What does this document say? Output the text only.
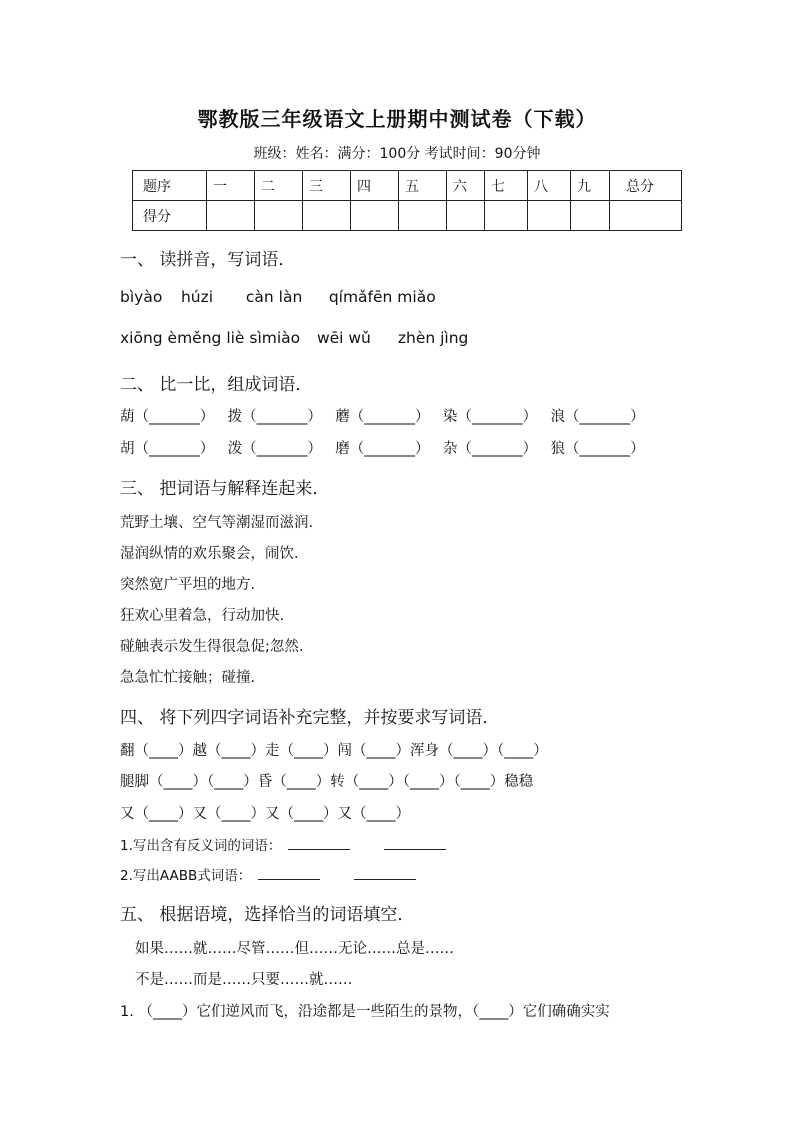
鄂教版三年级语文上册期中测试卷（下载）
班级：姓名：满分：100分 考试时间：90分钟
题序	一	二	三	四	五	六	七	八	九	总分
得分										
一、 读拼音，写词语．
bìyào húzi càn làn qímǎfēn miǎo
xiōng èměng liè sìmiào wēi wǔ zhèn jìng
二、 比一比，组成词语．
葫（_______） 拨（_______） 蘑（_______） 染（_______） 浪（_______）
胡（_______） 泼（_______） 磨（_______） 杂（_______） 狼（_______）
三、 把词语与解释连起来．
荒野土壤、空气等潮湿而滋润.
湿润纵情的欢乐聚会，闹饮.
突然宽广平坦的地方.
狂欢心里着急，行动加快.
碰触表示发生得很急促;忽然.
急急忙忙接触；碰撞.
四、 将下列四字词语补充完整，并按要求写词语．
翻（____）越（____）走（____）闯（____）浑身（____）（____）
腿脚（____）（____）昏（____）转（____）（____）（____）稳稳
又（____）又（____）又（____）又（____）
1.写出含有反义词的词语：
2.写出AABB式词语：
五、 根据语境，选择恰当的词语填空．
如果……就……尽管……但……无论……总是……
不是……而是……只要……就……
1. （____）它们逆风而飞，沿途都是一些陌生的景物，（____）它们确确实实
